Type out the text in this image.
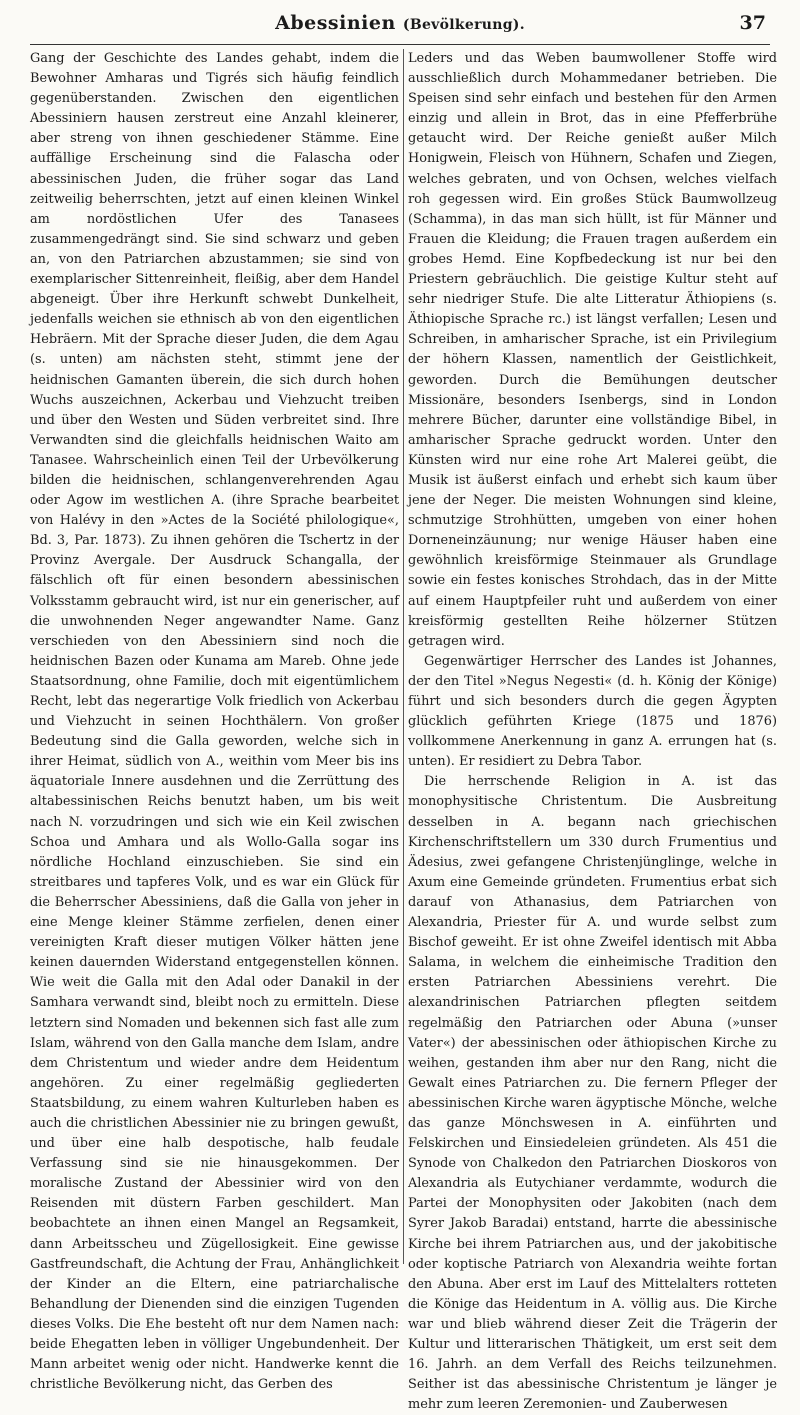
Abessinien (Bevölkerung).	37

Gang der Geschichte des Landes gehabt, indem die Bewohner Amharas und Tigrés sich häufig feindlich gegenüberstanden. Zwischen den eigentlichen Abessiniern hausen zerstreut eine Anzahl kleinerer, aber streng von ihnen geschiedener Stämme. Eine auffällige Erscheinung sind die Falascha oder abessinischen Juden, die früher sogar das Land zeitweilig beherrschten, jetzt auf einen kleinen Winkel am nordöstlichen Ufer des Tanasees zusammengedrängt sind. Sie sind schwarz und geben an, von den Patriarchen abzustammen; sie sind von exemplarischer Sittenreinheit, fleißig, aber dem Handel abgeneigt. Über ihre Herkunft schwebt Dunkelheit, jedenfalls weichen sie ethnisch ab von den eigentlichen Hebräern. Mit der Sprache dieser Juden, die dem Agau (s. unten) am nächsten steht, stimmt jene der heidnischen Gamanten überein, die sich durch hohen Wuchs auszeichnen, Ackerbau und Viehzucht treiben und über den Westen und Süden verbreitet sind. Ihre Verwandten sind die gleichfalls heidnischen Waito am Tanasee. Wahrscheinlich einen Teil der Urbevölkerung bilden die heidnischen, schlangenverehrenden Agau oder Agow im westlichen A. (ihre Sprache bearbeitet von Halévy in den »Actes de la Société philologique«, Bd. 3, Par. 1873). Zu ihnen gehören die Tschertz in der Provinz Avergale. Der Ausdruck Schangalla, der fälschlich oft für einen besondern abessinischen Volksstamm gebraucht wird, ist nur ein generischer, auf die unwohnenden Neger angewandter Name. Ganz verschieden von den Abessiniern sind noch die heidnischen Bazen oder Kunama am Mareb. Ohne jede Staatsordnung, ohne Familie, doch mit eigentümlichem Recht, lebt das negerartige Volk friedlich von Ackerbau und Viehzucht in seinen Hochthälern. Von großer Bedeutung sind die Galla geworden, welche sich in ihrer Heimat, südlich von A., weithin vom Meer bis ins äquatoriale Innere ausdehnen und die Zerrüttung des altabessinischen Reichs benutzt haben, um bis weit nach N. vorzudringen und sich wie ein Keil zwischen Schoa und Amhara und als Wollo-Galla sogar ins nördliche Hochland einzuschieben. Sie sind ein streitbares und tapferes Volk, und es war ein Glück für die Beherrscher Abessiniens, daß die Galla von jeher in eine Menge kleiner Stämme zerfielen, denen einer vereinigten Kraft dieser mutigen Völker hätten jene keinen dauernden Widerstand entgegenstellen können. Wie weit die Galla mit den Adal oder Danakil in der Samhara verwandt sind, bleibt noch zu ermitteln. Diese letztern sind Nomaden und bekennen sich fast alle zum Islam, während von den Galla manche dem Islam, andre dem Christentum und wieder andre dem Heidentum angehören. Zu einer regelmäßig gegliederten Staatsbildung, zu einem wahren Kulturleben haben es auch die christlichen Abessinier nie zu bringen gewußt, und über eine halb despotische, halb feudale Verfassung sind sie nie hinausgekommen. Der moralische Zustand der Abessinier wird von den Reisenden mit düstern Farben geschildert. Man beobachtete an ihnen einen Mangel an Regsamkeit, dann Arbeitsscheu und Zügellosigkeit. Eine gewisse Gastfreundschaft, die Achtung der Frau, Anhänglichkeit der Kinder an die Eltern, eine patriarchalische Behandlung der Dienenden sind die einzigen Tugenden dieses Volks. Die Ehe besteht oft nur dem Namen nach: beide Ehegatten leben in völliger Ungebundenheit. Der Mann arbeitet wenig oder nicht. Handwerke kennt die christliche Bevölkerung nicht, das Gerben des

Leders und das Weben baumwollener Stoffe wird ausschließlich durch Mohammedaner betrieben. Die Speisen sind sehr einfach und bestehen für den Armen einzig und allein in Brot, das in eine Pfefferbrühe getaucht wird. Der Reiche genießt außer Milch Honigwein, Fleisch von Hühnern, Schafen und Ziegen, welches gebraten, und von Ochsen, welches vielfach roh gegessen wird. Ein großes Stück Baumwollzeug (Schamma), in das man sich hüllt, ist für Männer und Frauen die Kleidung; die Frauen tragen außerdem ein grobes Hemd. Eine Kopfbedeckung ist nur bei den Priestern gebräuchlich. Die geistige Kultur steht auf sehr niedriger Stufe. Die alte Litteratur Äthiopiens (s. Äthiopische Sprache rc.) ist längst verfallen; Lesen und Schreiben, in amharischer Sprache, ist ein Privilegium der höhern Klassen, namentlich der Geistlichkeit, geworden. Durch die Bemühungen deutscher Missionäre, besonders Isenbergs, sind in London mehrere Bücher, darunter eine vollständige Bibel, in amharischer Sprache gedruckt worden. Unter den Künsten wird nur eine rohe Art Malerei geübt, die Musik ist äußerst einfach und erhebt sich kaum über jene der Neger. Die meisten Wohnungen sind kleine, schmutzige Strohhütten, umgeben von einer hohen Dorneneinzäunung; nur wenige Häuser haben eine gewöhnlich kreisförmige Steinmauer als Grundlage sowie ein festes konisches Strohdach, das in der Mitte auf einem Hauptpfeiler ruht und außerdem von einer kreisförmig gestellten Reihe hölzerner Stützen getragen wird.

Gegenwärtiger Herrscher des Landes ist Johannes, der den Titel »Negus Negesti« (d. h. König der Könige) führt und sich besonders durch die gegen Ägypten glücklich geführten Kriege (1875 und 1876) vollkommene Anerkennung in ganz A. errungen hat (s. unten). Er residiert zu Debra Tabor.

Die herrschende Religion in A. ist das monophysitische Christentum. Die Ausbreitung desselben in A. begann nach griechischen Kirchenschriftstellern um 330 durch Frumentius und Ädesius, zwei gefangene Christenjünglinge, welche in Axum eine Gemeinde gründeten. Frumentius erbat sich darauf von Athanasius, dem Patriarchen von Alexandria, Priester für A. und wurde selbst zum Bischof geweiht. Er ist ohne Zweifel identisch mit Abba Salama, in welchem die einheimische Tradition den ersten Patriarchen Abessiniens verehrt. Die alexandrinischen Patriarchen pflegten seitdem regelmäßig den Patriarchen oder Abuna (»unser Vater«) der abessinischen oder äthiopischen Kirche zu weihen, gestanden ihm aber nur den Rang, nicht die Gewalt eines Patriarchen zu. Die fernern Pfleger der abessinischen Kirche waren ägyptische Mönche, welche das ganze Mönchswesen in A. einführten und Felskirchen und Einsiedeleien gründeten. Als 451 die Synode von Chalkedon den Patriarchen Dioskoros von Alexandria als Eutychianer verdammte, wodurch die Partei der Monophysiten oder Jakobiten (nach dem Syrer Jakob Baradai) entstand, harrte die abessinische Kirche bei ihrem Patriarchen aus, und der jakobitische oder koptische Patriarch von Alexandria weihte fortan den Abuna. Aber erst im Lauf des Mittelalters rotteten die Könige das Heidentum in A. völlig aus. Die Kirche war und blieb während dieser Zeit die Trägerin der Kultur und litterarischen Thätigkeit, um erst seit dem 16. Jahrh. an dem Verfall des Reichs teilzunehmen. Seither ist das abessinische Christentum je länger je mehr zum leeren Zeremonien- und Zauberwesen
